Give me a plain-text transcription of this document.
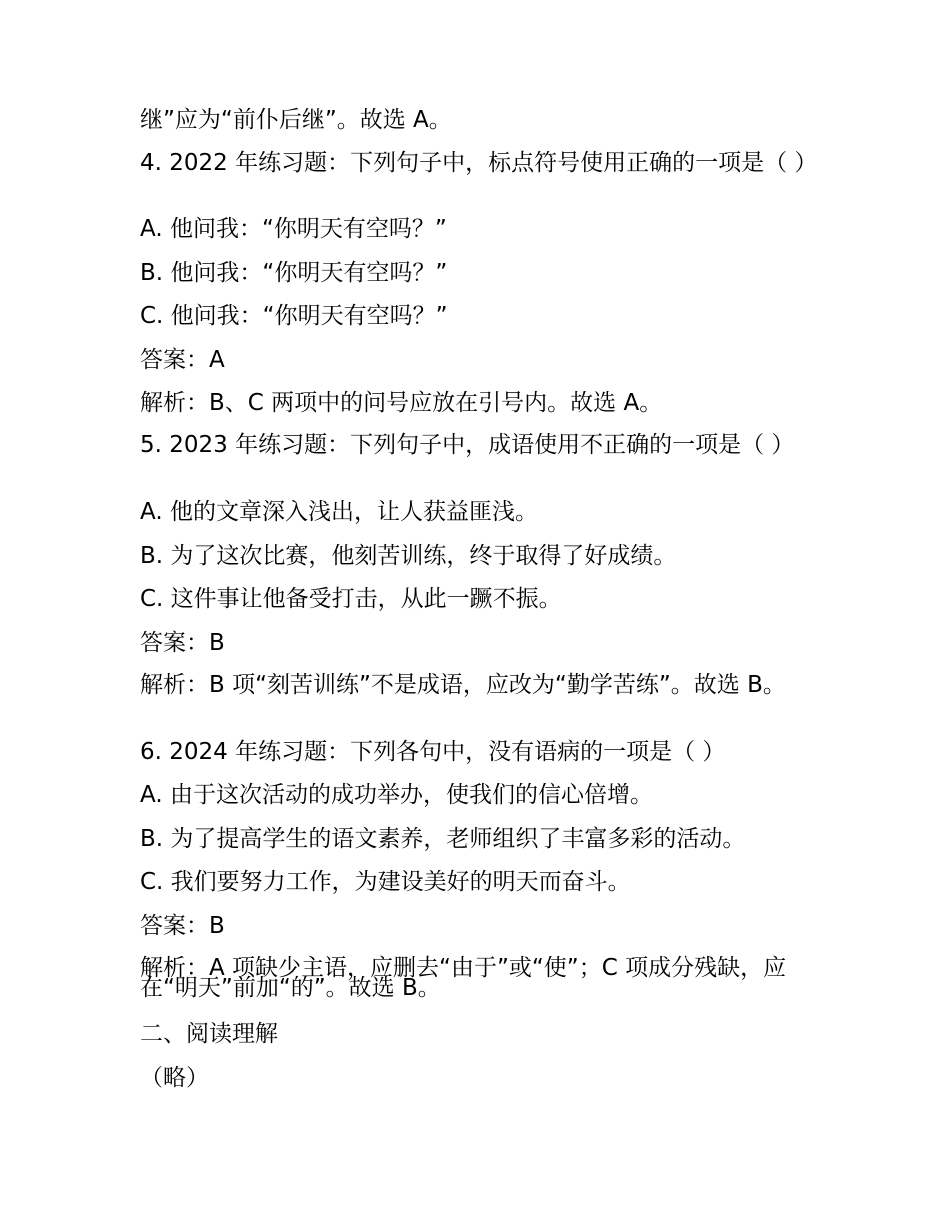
继”应为“前仆后继”。故选 A。

4. 2022 年练习题：下列句子中，标点符号使用正确的一项是（ ）

A. 他问我：“你明天有空吗？”

B. 他问我：“你明天有空吗？”

C. 他问我：“你明天有空吗？”

答案：A

解析：B、C 两项中的问号应放在引号内。故选 A。

5. 2023 年练习题：下列句子中，成语使用不正确的一项是（ ）

A. 他的文章深入浅出，让人获益匪浅。

B. 为了这次比赛，他刻苦训练，终于取得了好成绩。

C. 这件事让他备受打击，从此一蹶不振。

答案：B

解析：B 项“刻苦训练”不是成语，应改为“勤学苦练”。故选 B。

6. 2024 年练习题：下列各句中，没有语病的一项是（ ）

A. 由于这次活动的成功举办，使我们的信心倍增。

B. 为了提高学生的语文素养，老师组织了丰富多彩的活动。

C. 我们要努力工作，为建设美好的明天而奋斗。

答案：B

解析：A 项缺少主语，应删去“由于”或“使”；C 项成分残缺，应在“明天”前加“的”。故选 B。

二、阅读理解

（略）
